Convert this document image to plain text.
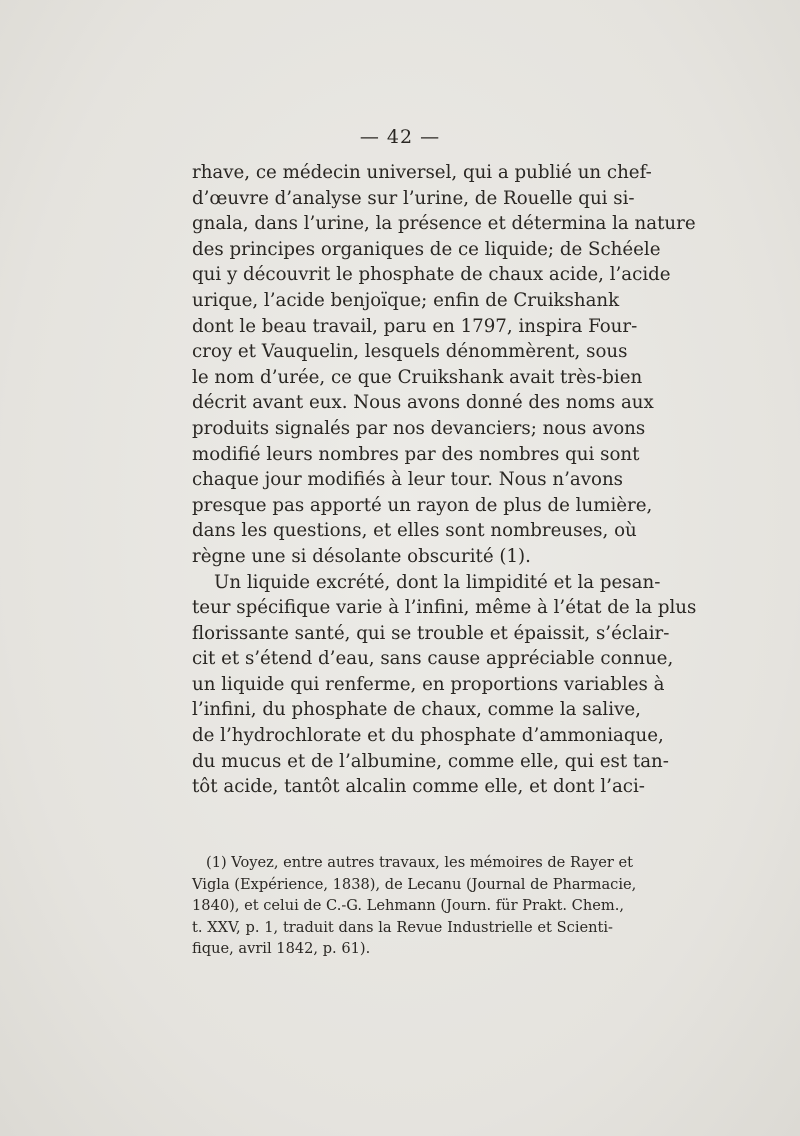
— 42 —
rhave, ce médecin universel, qui a publié un chef-
d’œuvre d’analyse sur l’urine, de Rouelle qui si-
gnala, dans l’urine, la présence et détermina la nature
des principes organiques de ce liquide; de Schéele
qui y découvrit le phosphate de chaux acide, l’acide
urique, l’acide benjoïque; enfin de Cruikshank
dont le beau travail, paru en 1797, inspira Four-
croy et Vauquelin, lesquels dénommèrent, sous
le nom d’urée, ce que Cruikshank avait très-bien
décrit avant eux. Nous avons donné des noms aux
produits signalés par nos devanciers; nous avons
modifié leurs nombres par des nombres qui sont
chaque jour modifiés à leur tour. Nous n’avons
presque pas apporté un rayon de plus de lumière,
dans les questions, et elles sont nombreuses, où
règne une si désolante obscurité (1).
Un liquide excrété, dont la limpidité et la pesan-
teur spécifique varie à l’infini, même à l’état de la plus
florissante santé, qui se trouble et épaissit, s’éclair-
cit et s’étend d’eau, sans cause appréciable connue,
un liquide qui renferme, en proportions variables à
l’infini, du phosphate de chaux, comme la salive,
de l’hydrochlorate et du phosphate d’ammoniaque,
du mucus et de l’albumine, comme elle, qui est tan-
tôt acide, tantôt alcalin comme elle, et dont l’aci-
(1) Voyez, entre autres travaux, les mémoires de Rayer et
Vigla (Expérience, 1838), de Lecanu (Journal de Pharmacie,
1840), et celui de C.-G. Lehmann (Journ. für Prakt. Chem.,
t. XXV, p. 1, traduit dans la Revue Industrielle et Scienti-
fique, avril 1842, p. 61).
